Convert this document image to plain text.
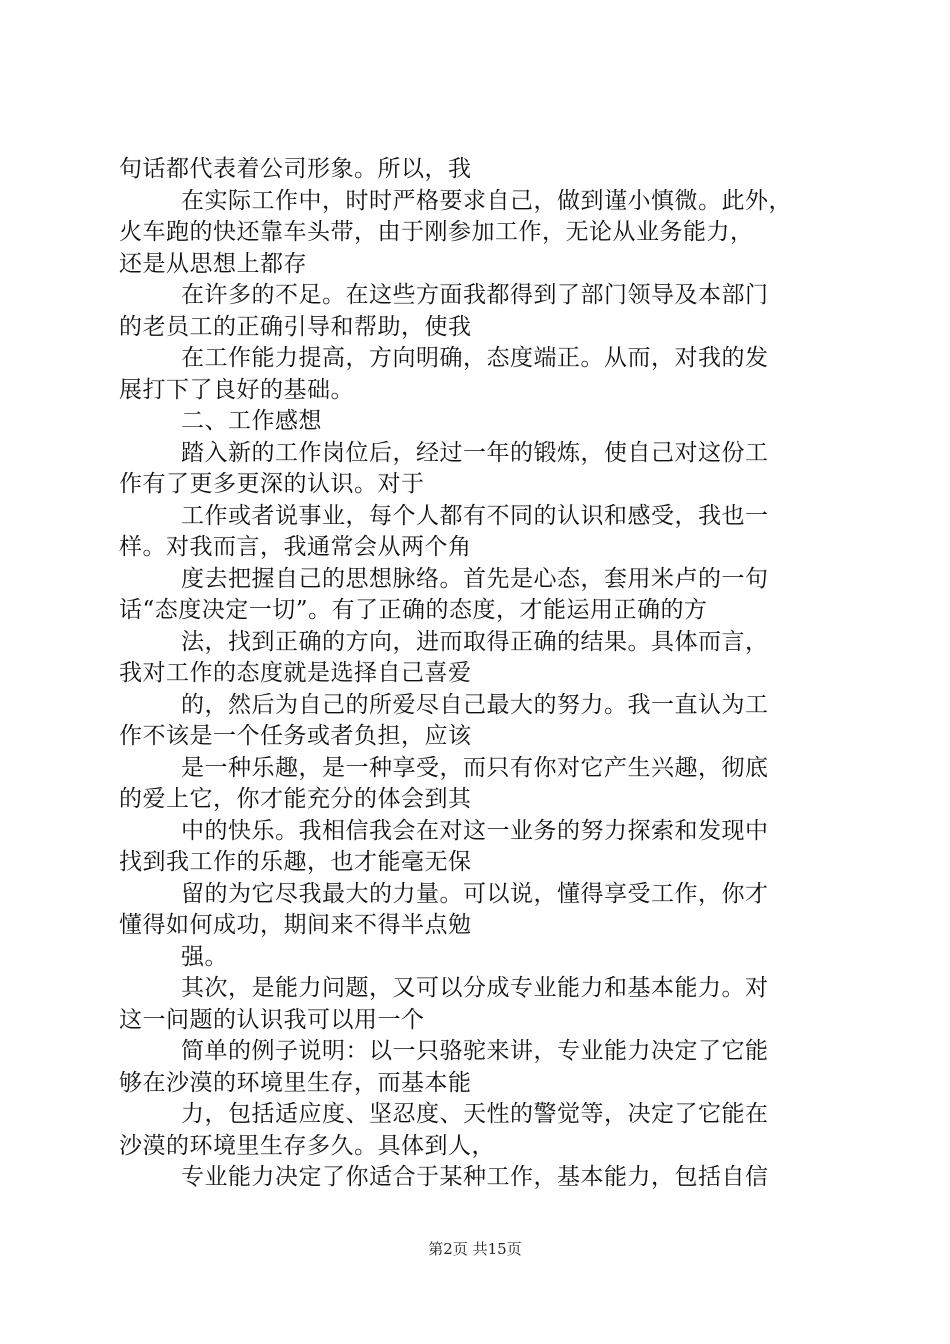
句话都代表着公司形象。所以，我

在实际工作中，时时严格要求自己，做到谨小慎微。此外，

火车跑的快还靠车头带，由于刚参加工作，无论从业务能力，

还是从思想上都存

在许多的不足。在这些方面我都得到了部门领导及本部门

的老员工的正确引导和帮助，使我

在工作能力提高，方向明确，态度端正。从而，对我的发

展打下了良好的基础。

二、工作感想

踏入新的工作岗位后，经过一年的锻炼，使自己对这份工

作有了更多更深的认识。对于

工作或者说事业，每个人都有不同的认识和感受，我也一

样。对我而言，我通常会从两个角

度去把握自己的思想脉络。首先是心态，套用米卢的一句

话“态度决定一切”。有了正确的态度，才能运用正确的方

法，找到正确的方向，进而取得正确的结果。具体而言，

我对工作的态度就是选择自己喜爱

的，然后为自己的所爱尽自己最大的努力。我一直认为工

作不该是一个任务或者负担，应该

是一种乐趣，是一种享受，而只有你对它产生兴趣，彻底

的爱上它，你才能充分的体会到其

中的快乐。我相信我会在对这一业务的努力探索和发现中

找到我工作的乐趣，也才能毫无保

留的为它尽我最大的力量。可以说，懂得享受工作，你才

懂得如何成功，期间来不得半点勉

强。

其次，是能力问题，又可以分成专业能力和基本能力。对

这一问题的认识我可以用一个

简单的例子说明：以一只骆驼来讲，专业能力决定了它能

够在沙漠的环境里生存，而基本能

力，包括适应度、坚忍度、天性的警觉等，决定了它能在

沙漠的环境里生存多久。具体到人，

专业能力决定了你适合于某种工作，基本能力，包括自信

第2页 共15页
